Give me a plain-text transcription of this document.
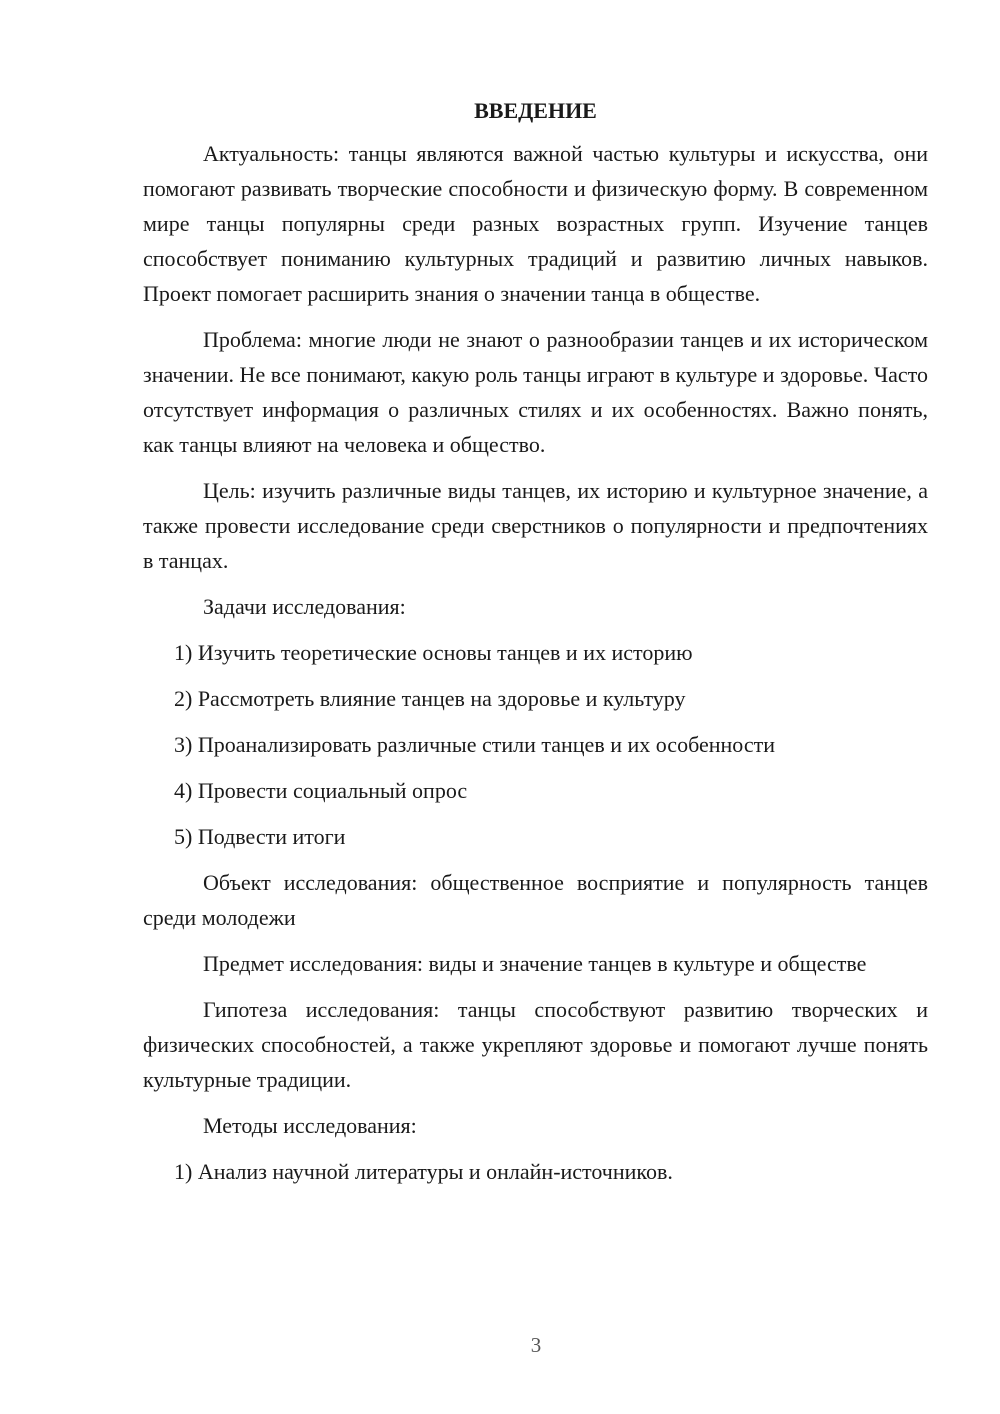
ВВЕДЕНИЕ

Актуальность: танцы являются важной частью культуры и искусства, они помогают развивать творческие способности и физическую форму. В современном мире танцы популярны среди разных возрастных групп. Изучение танцев способствует пониманию культурных традиций и развитию личных навыков. Проект помогает расширить знания о значении танца в обществе.

Проблема: многие люди не знают о разнообразии танцев и их историческом значении. Не все понимают, какую роль танцы играют в культуре и здоровье. Часто отсутствует информация о различных стилях и их особенностях. Важно понять, как танцы влияют на человека и общество.

Цель: изучить различные виды танцев, их историю и культурное значение, а также провести исследование среди сверстников о популярности и предпочтениях в танцах.

Задачи исследования:

1) Изучить теоретические основы танцев и их историю
2) Рассмотреть влияние танцев на здоровье и культуру
3) Проанализировать различные стили танцев и их особенности
4) Провести социальный опрос
5) Подвести итоги

Объект исследования: общественное восприятие и популярность танцев среди молодежи

Предмет исследования: виды и значение танцев в культуре и обществе

Гипотеза исследования: танцы способствуют развитию творческих и физических способностей, а также укрепляют здоровье и помогают лучше понять культурные традиции.

Методы исследования:

1) Анализ научной литературы и онлайн-источников.
3
